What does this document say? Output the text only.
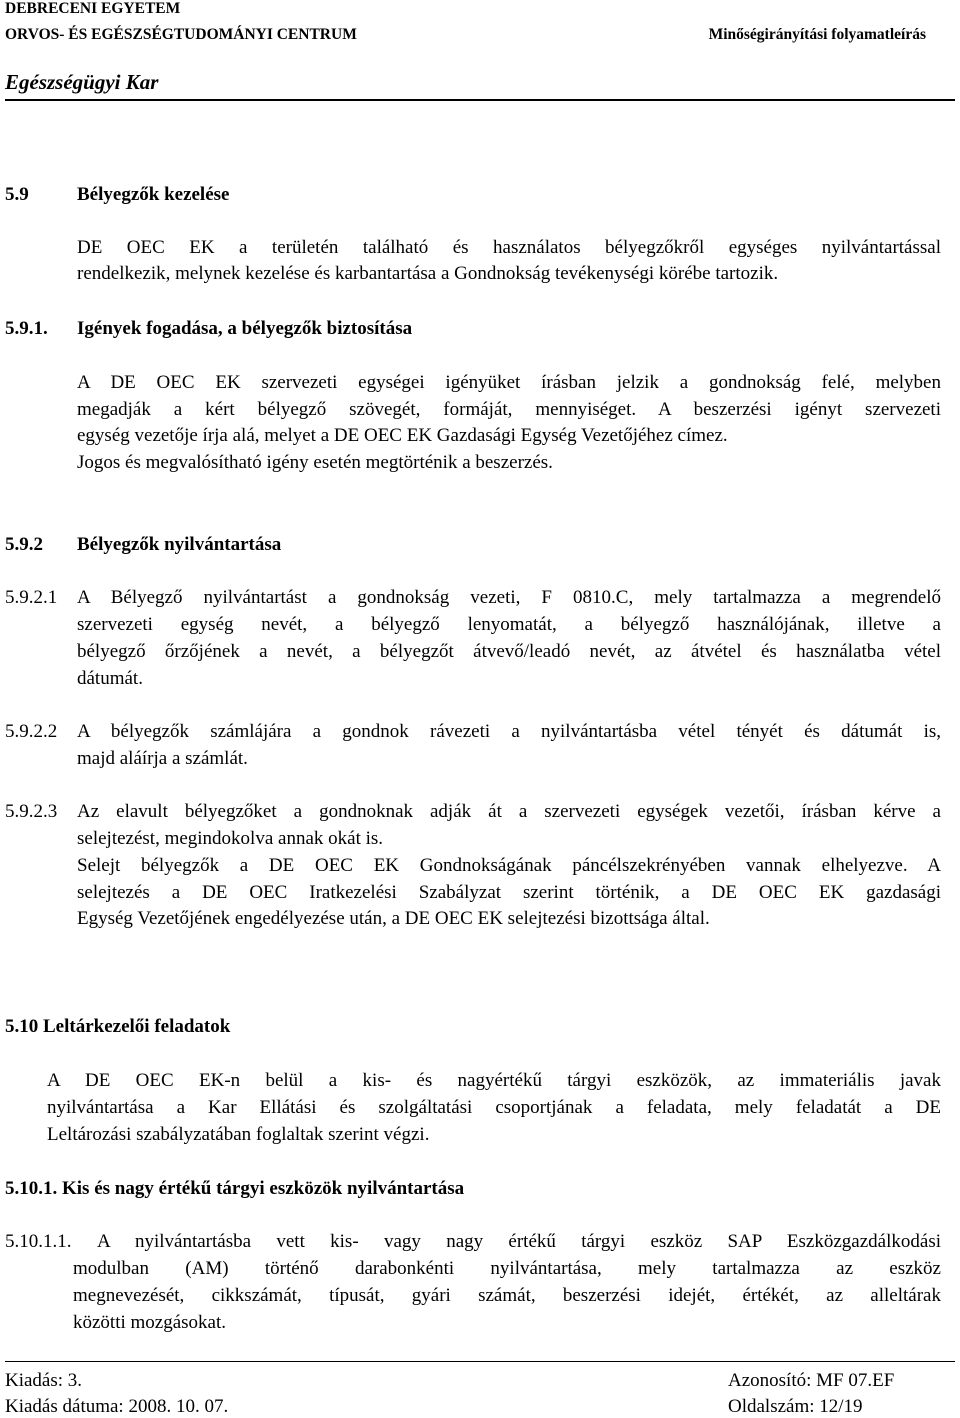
DEBRECENI EGYETEM
ORVOS- ÉS EGÉSZSÉGTUDOMÁNYI CENTRUM	Minőségirányítási folyamatleírás
Egészségügyi Kar
5.9	Bélyegzők kezelése
DE OEC EK a területén található és használatos bélyegzőkről egységes nyilvántartással
rendelkezik, melynek kezelése és karbantartása a Gondnokság tevékenységi körébe tartozik.
5.9.1. Igények fogadása, a bélyegzők biztosítása
A DE OEC EK szervezeti egységei igényüket írásban jelzik a gondnokság felé, melyben
megadják a kért bélyegző szövegét, formáját, mennyiséget. A beszerzési igényt szervezeti
egység vezetője írja alá, melyet a DE OEC EK Gazdasági Egység Vezetőjéhez címez.
Jogos és megvalósítható igény esetén megtörténik a beszerzés.
5.9.2 Bélyegzők nyilvántartása
5.9.2.1 A Bélyegző nyilvántartást a gondnokság vezeti, F 0810.C, mely tartalmazza a megrendelő
szervezeti egység nevét, a bélyegző lenyomatát, a bélyegző használójának, illetve a
bélyegző őrzőjének a nevét, a bélyegzőt átvevő/leadó nevét, az átvétel és használatba vétel
dátumát.
5.9.2.2 A bélyegzők számlájára a gondnok rávezeti a nyilvántartásba vétel tényét és dátumát is,
majd aláírja a számlát.
5.9.2.3 Az elavult bélyegzőket a gondnoknak adják át a szervezeti egységek vezetői, írásban kérve a
selejtezést, megindokolva annak okát is.
Selejt bélyegzők a DE OEC EK Gondnokságának páncélszekrényében vannak elhelyezve. A
selejtezés a DE OEC Iratkezelési Szabályzat szerint történik, a DE OEC EK gazdasági
Egység Vezetőjének engedélyezése után, a DE OEC EK selejtezési bizottsága által.
5.10 Leltárkezelői feladatok
A DE OEC EK-n belül a kis- és nagyértékű tárgyi eszközök, az immateriális javak
nyilvántartása a Kar Ellátási és szolgáltatási csoportjának a feladata, mely feladatát a DE
Leltározási szabályzatában foglaltak szerint végzi.
5.10.1. Kis és nagy értékű tárgyi eszközök nyilvántartása
5.10.1.1. A nyilvántartásba vett kis- vagy nagy értékű tárgyi eszköz SAP Eszközgazdálkodási
modulban (AM) történő darabonkénti nyilvántartása, mely tartalmazza az eszköz
megnevezését, cikkszámát, típusát, gyári számát, beszerzési idejét, értékét, az alleltárak
közötti mozgásokat.
Kiadás: 3.
Kiadás dátuma: 2008. 10. 07.
Azonosító: MF 07.EF
Oldalszám: 12/19
